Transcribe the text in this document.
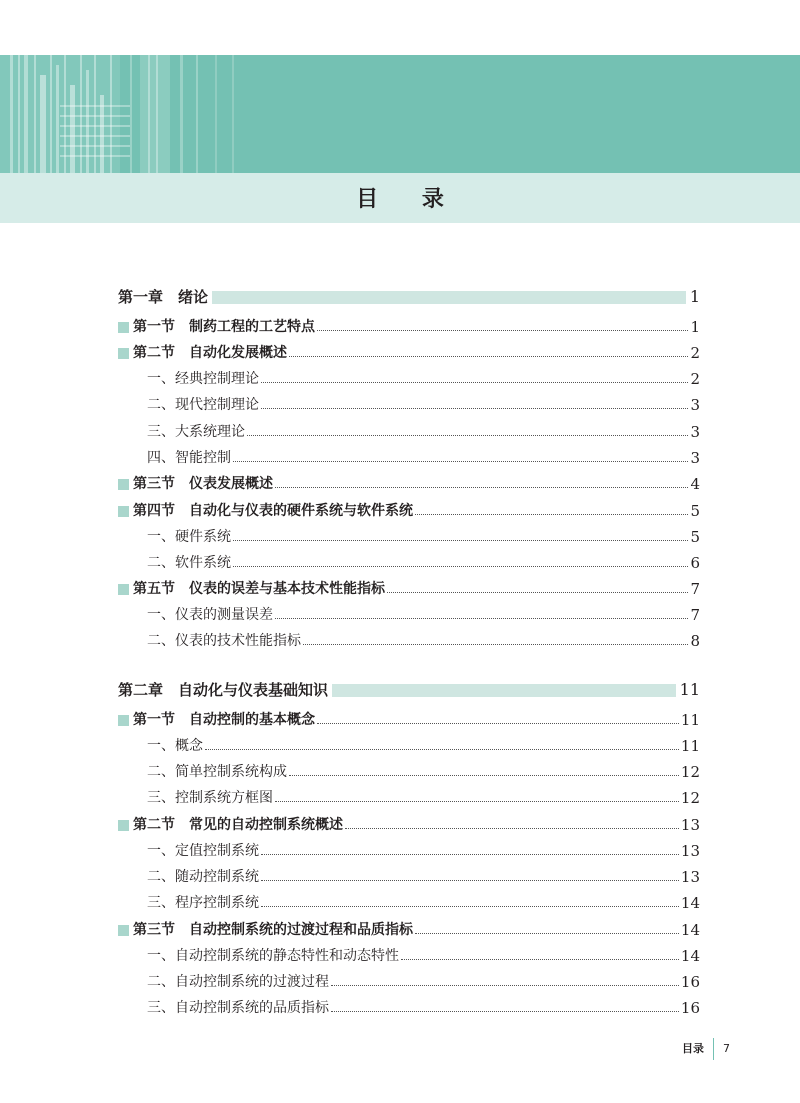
目 录
第一章　绪论	1
第一节　制药工程的工艺特点	1
第二节　自动化发展概述	2
一、经典控制理论	2
二、现代控制理论	3
三、大系统理论	3
四、智能控制	3
第三节　仪表发展概述	4
第四节　自动化与仪表的硬件系统与软件系统	5
一、硬件系统	5
二、软件系统	6
第五节　仪表的误差与基本技术性能指标	7
一、仪表的测量误差	7
二、仪表的技术性能指标	8
第二章　自动化与仪表基础知识	11
第一节　自动控制的基本概念	11
一、概念	11
二、简单控制系统构成	12
三、控制系统方框图	12
第二节　常见的自动控制系统概述	13
一、定值控制系统	13
二、随动控制系统	13
三、程序控制系统	14
第三节　自动控制系统的过渡过程和品质指标	14
一、自动控制系统的静态特性和动态特性	14
二、自动控制系统的过渡过程	16
三、自动控制系统的品质指标	16
目录 7
